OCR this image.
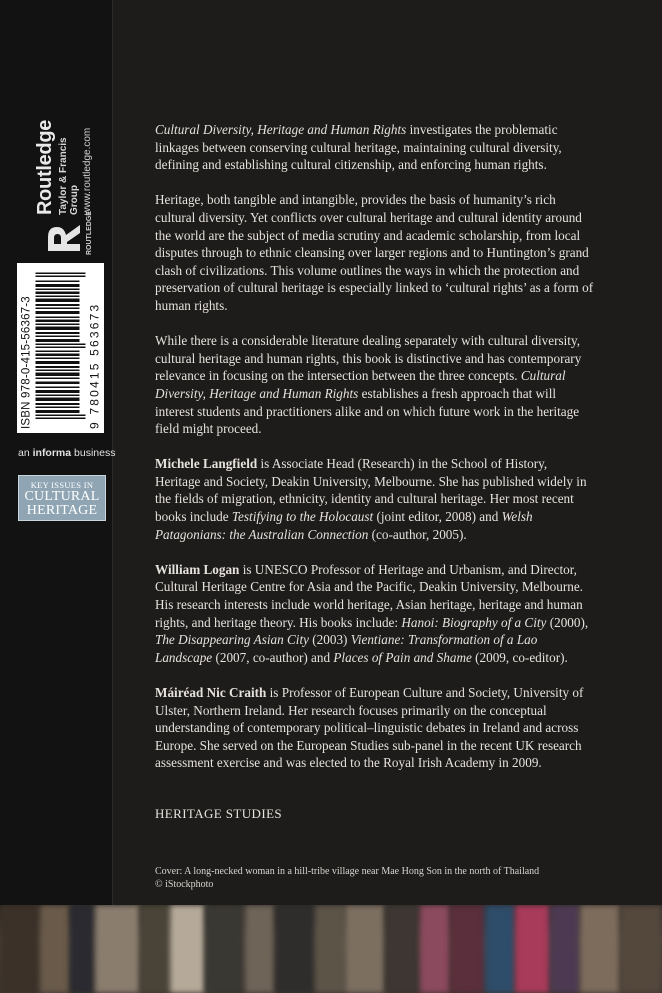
ROUTLEDGE
Routledge Taylor & Francis Group www.routledge.com
ISBN 978-0-415-56367-3	9 780415 563673
an informa business
KEY ISSUES IN
CULTURAL
HERITAGE

Cultural Diversity, Heritage and Human Rights investigates the problematic linkages between conserving cultural heritage, maintaining cultural diversity, defining and establishing cultural citizenship, and enforcing human rights.

Heritage, both tangible and intangible, provides the basis of humanity’s rich cultural diversity. Yet conflicts over cultural heritage and cultural identity around the world are the subject of media scrutiny and academic scholarship, from local disputes through to ethnic cleansing over larger regions and to Huntington’s grand clash of civilizations. This volume outlines the ways in which the protection and preservation of cultural heritage is especially linked to ‘cultural rights’ as a form of human rights.

While there is a considerable literature dealing separately with cultural diversity, cultural heritage and human rights, this book is distinctive and has contemporary relevance in focusing on the intersection between the three concepts. Cultural Diversity, Heritage and Human Rights establishes a fresh approach that will interest students and practitioners alike and on which future work in the heritage field might proceed.

Michele Langfield is Associate Head (Research) in the School of History, Heritage and Society, Deakin University, Melbourne. She has published widely in the fields of migration, ethnicity, identity and cultural heritage. Her most recent books include Testifying to the Holocaust (joint editor, 2008) and Welsh Patagonians: the Australian Connection (co-author, 2005).

William Logan is UNESCO Professor of Heritage and Urbanism, and Director, Cultural Heritage Centre for Asia and the Pacific, Deakin University, Melbourne. His research interests include world heritage, Asian heritage, heritage and human rights, and heritage theory. His books include: Hanoi: Biography of a City (2000), The Disappearing Asian City (2003) Vientiane: Transformation of a Lao Landscape (2007, co-author) and Places of Pain and Shame (2009, co-editor).

Máiréad Nic Craith is Professor of European Culture and Society, University of Ulster, Northern Ireland. Her research focuses primarily on the conceptual understanding of contemporary political–linguistic debates in Ireland and across Europe. She served on the European Studies sub-panel in the recent UK research assessment exercise and was elected to the Royal Irish Academy in 2009.

HERITAGE STUDIES
Cover: A long-necked woman in a hill-tribe village near Mae Hong Son in the north of Thailand
© iStockphoto
